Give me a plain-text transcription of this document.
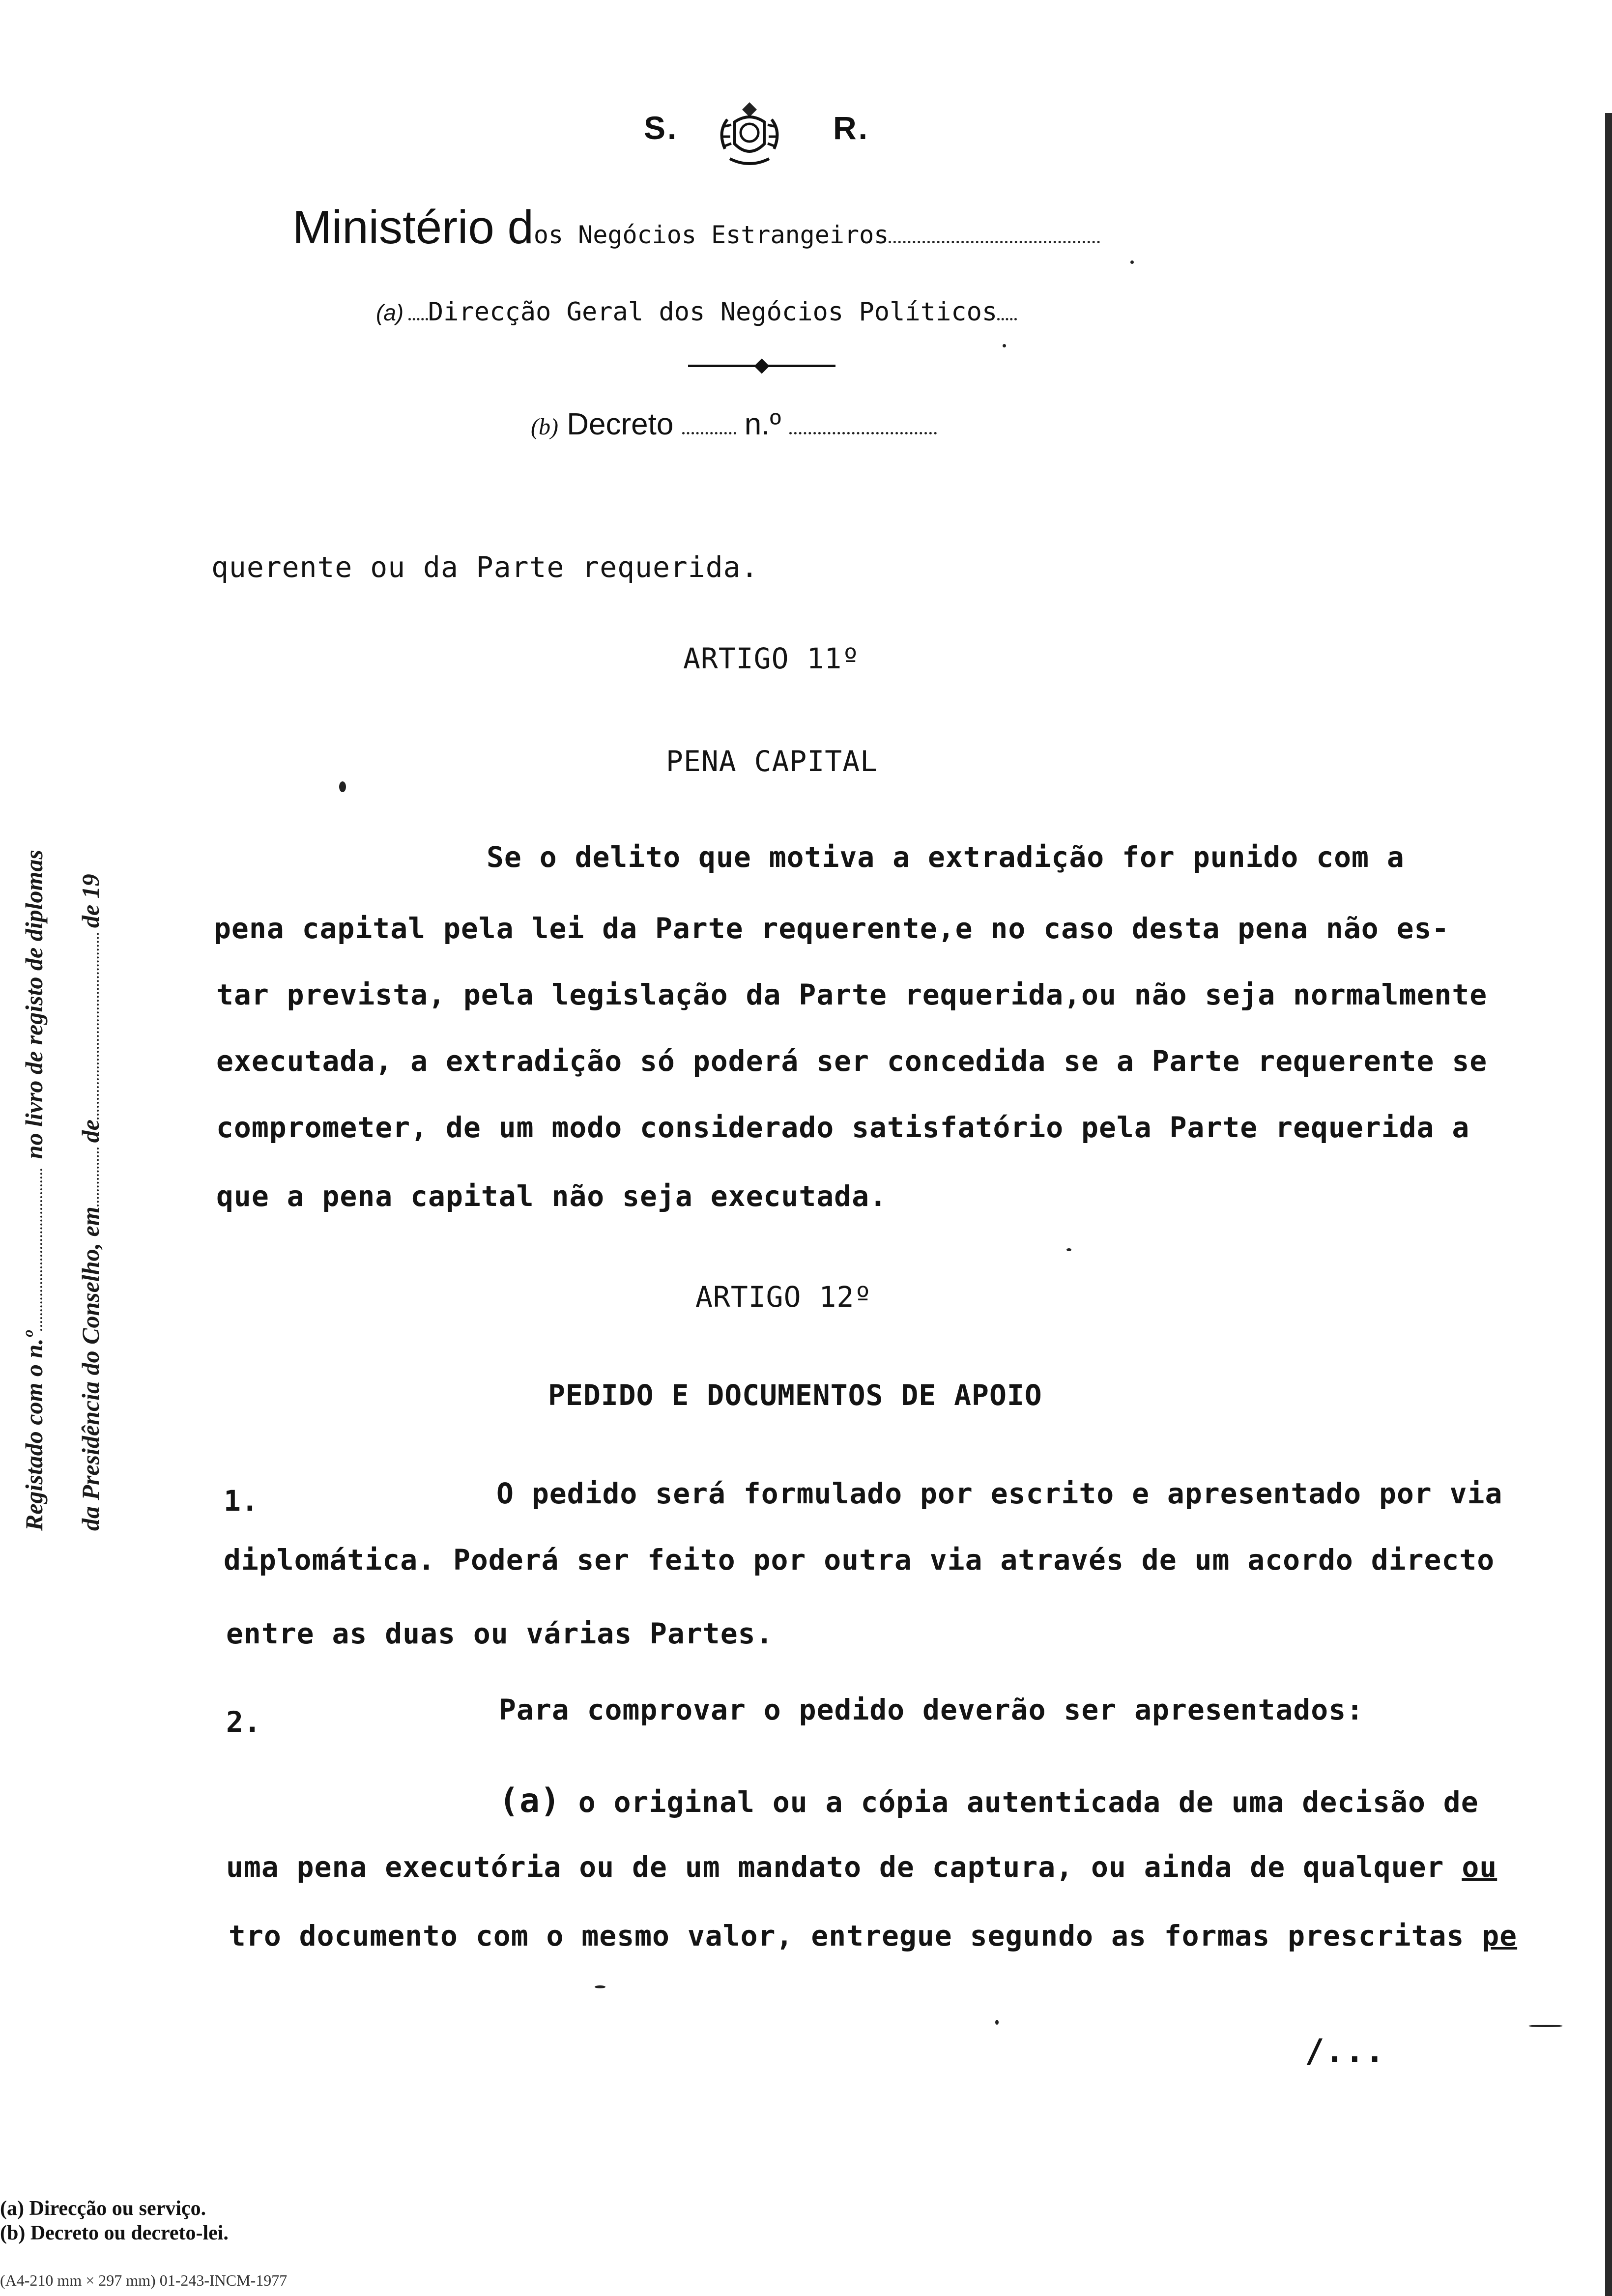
S.	R.
Ministério dos Negócios Estrangeiros
(a) Direcção Geral dos Negócios Políticos
(b) Decreto n.º
Registado com o n.ºno livro de registo de diplomas
da Presidência do Conselho, emdede 19
querente ou da Parte requerida.
ARTIGO 11º
PENA CAPITAL
Se o delito que motiva a extradição for punido com a
pena capital pela lei da Parte requerente,e no caso desta pena não es-
tar prevista, pela legislação da Parte requerida,ou não seja normalmente
executada, a extradição só poderá ser concedida se a Parte requerente se
comprometer, de um modo considerado satisfatório pela Parte requerida a
que a pena capital não seja executada.
ARTIGO 12º
PEDIDO E DOCUMENTOS DE APOIO
1.	O pedido será formulado por escrito e apresentado por via
diplomática. Poderá ser feito por outra via através de um acordo directo
entre as duas ou várias Partes.
2.	Para comprovar o pedido deverão ser apresentados:
(a) o original ou a cópia autenticada de uma decisão de
uma pena executória ou de um mandato de captura, ou ainda de qualquer ou
tro documento com o mesmo valor, entregue segundo as formas prescritas pe
/...
(a) Direcção ou serviço.
(b) Decreto ou decreto-lei.
(A4-210 mm × 297 mm) 01-243-INCM-1977
